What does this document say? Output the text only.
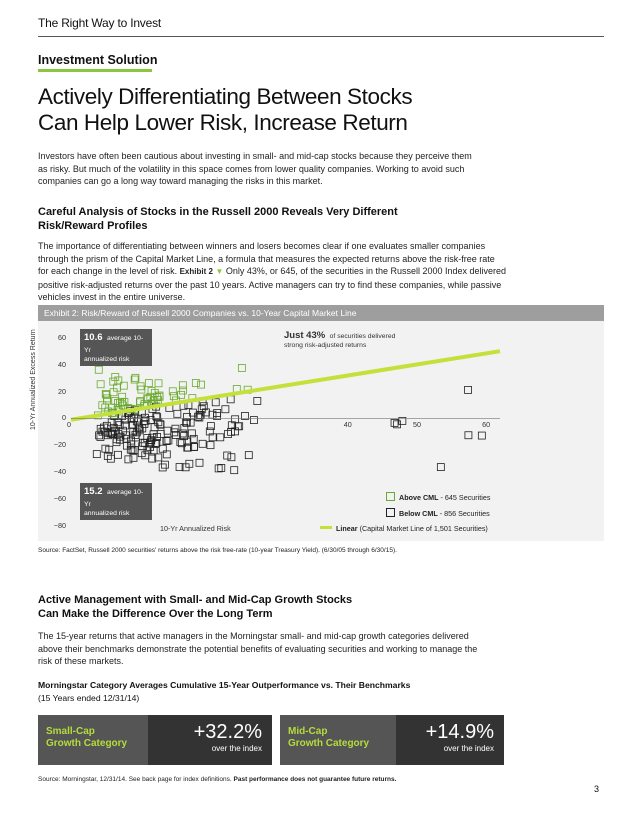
The Right Way to Invest
Investment Solution
Actively Differentiating Between Stocks
Can Help Lower Risk, Increase Return
Investors have often been cautious about investing in small- and mid-cap stocks because they perceive them
as risky. But much of the volatility in this space comes from lower quality companies. Working to avoid such
companies can go a long way toward managing the risks in this market.
Careful Analysis of Stocks in the Russell 2000 Reveals Very Different
Risk/Reward Profiles
The importance of differentiating between winners and losers becomes clear if one evaluates smaller companies
through the prism of the Capital Market Line, a formula that measures the expected returns above the risk-free rate
for each change in the level of risk. Exhibit 2 ▼ Only 43%, or 645, of the securities in the Russell 2000 Index delivered
positive risk-adjusted returns over the past 10 years. Active managers can try to find these companies, while passive
vehicles invest in the entire universe.
Exhibit 2: Risk/Reward of Russell 2000 Companies vs. 10-Year Capital Market Line
60
40
20
0
−20
−40
−60
−80
0	40	50	60
10-Yr Annualized Excess Return
10-Yr Annualized Risk
10.6 average 10-Yr
annualized risk
15.2 average 10-Yr
annualized risk
Just 43% of securities delivered
strong risk-adjusted returns
Above CML - 645 Securities
Below CML - 856 Securities
Linear (Capital Market Line of 1,501 Securities)
Source: FactSet, Russell 2000 securities' returns above the risk free-rate (10-year Treasury Yield). (6/30/05 through 6/30/15).
Active Management with Small- and Mid-Cap Growth Stocks
Can Make the Difference Over the Long Term
The 15-year returns that active managers in the Morningstar small- and mid-cap growth categories delivered
above their benchmarks demonstrate the potential benefits of evaluating securities and working to manage the
risk of these markets.
Morningstar Category Averages Cumulative 15-Year Outperformance vs. Their Benchmarks
(15 Years ended 12/31/14)
Small-Cap
Growth Category
+32.2%
over the index
Mid-Cap
Growth Category
+14.9%
over the index
Source: Morningstar, 12/31/14. See back page for index definitions. Past performance does not guarantee future returns.
3
